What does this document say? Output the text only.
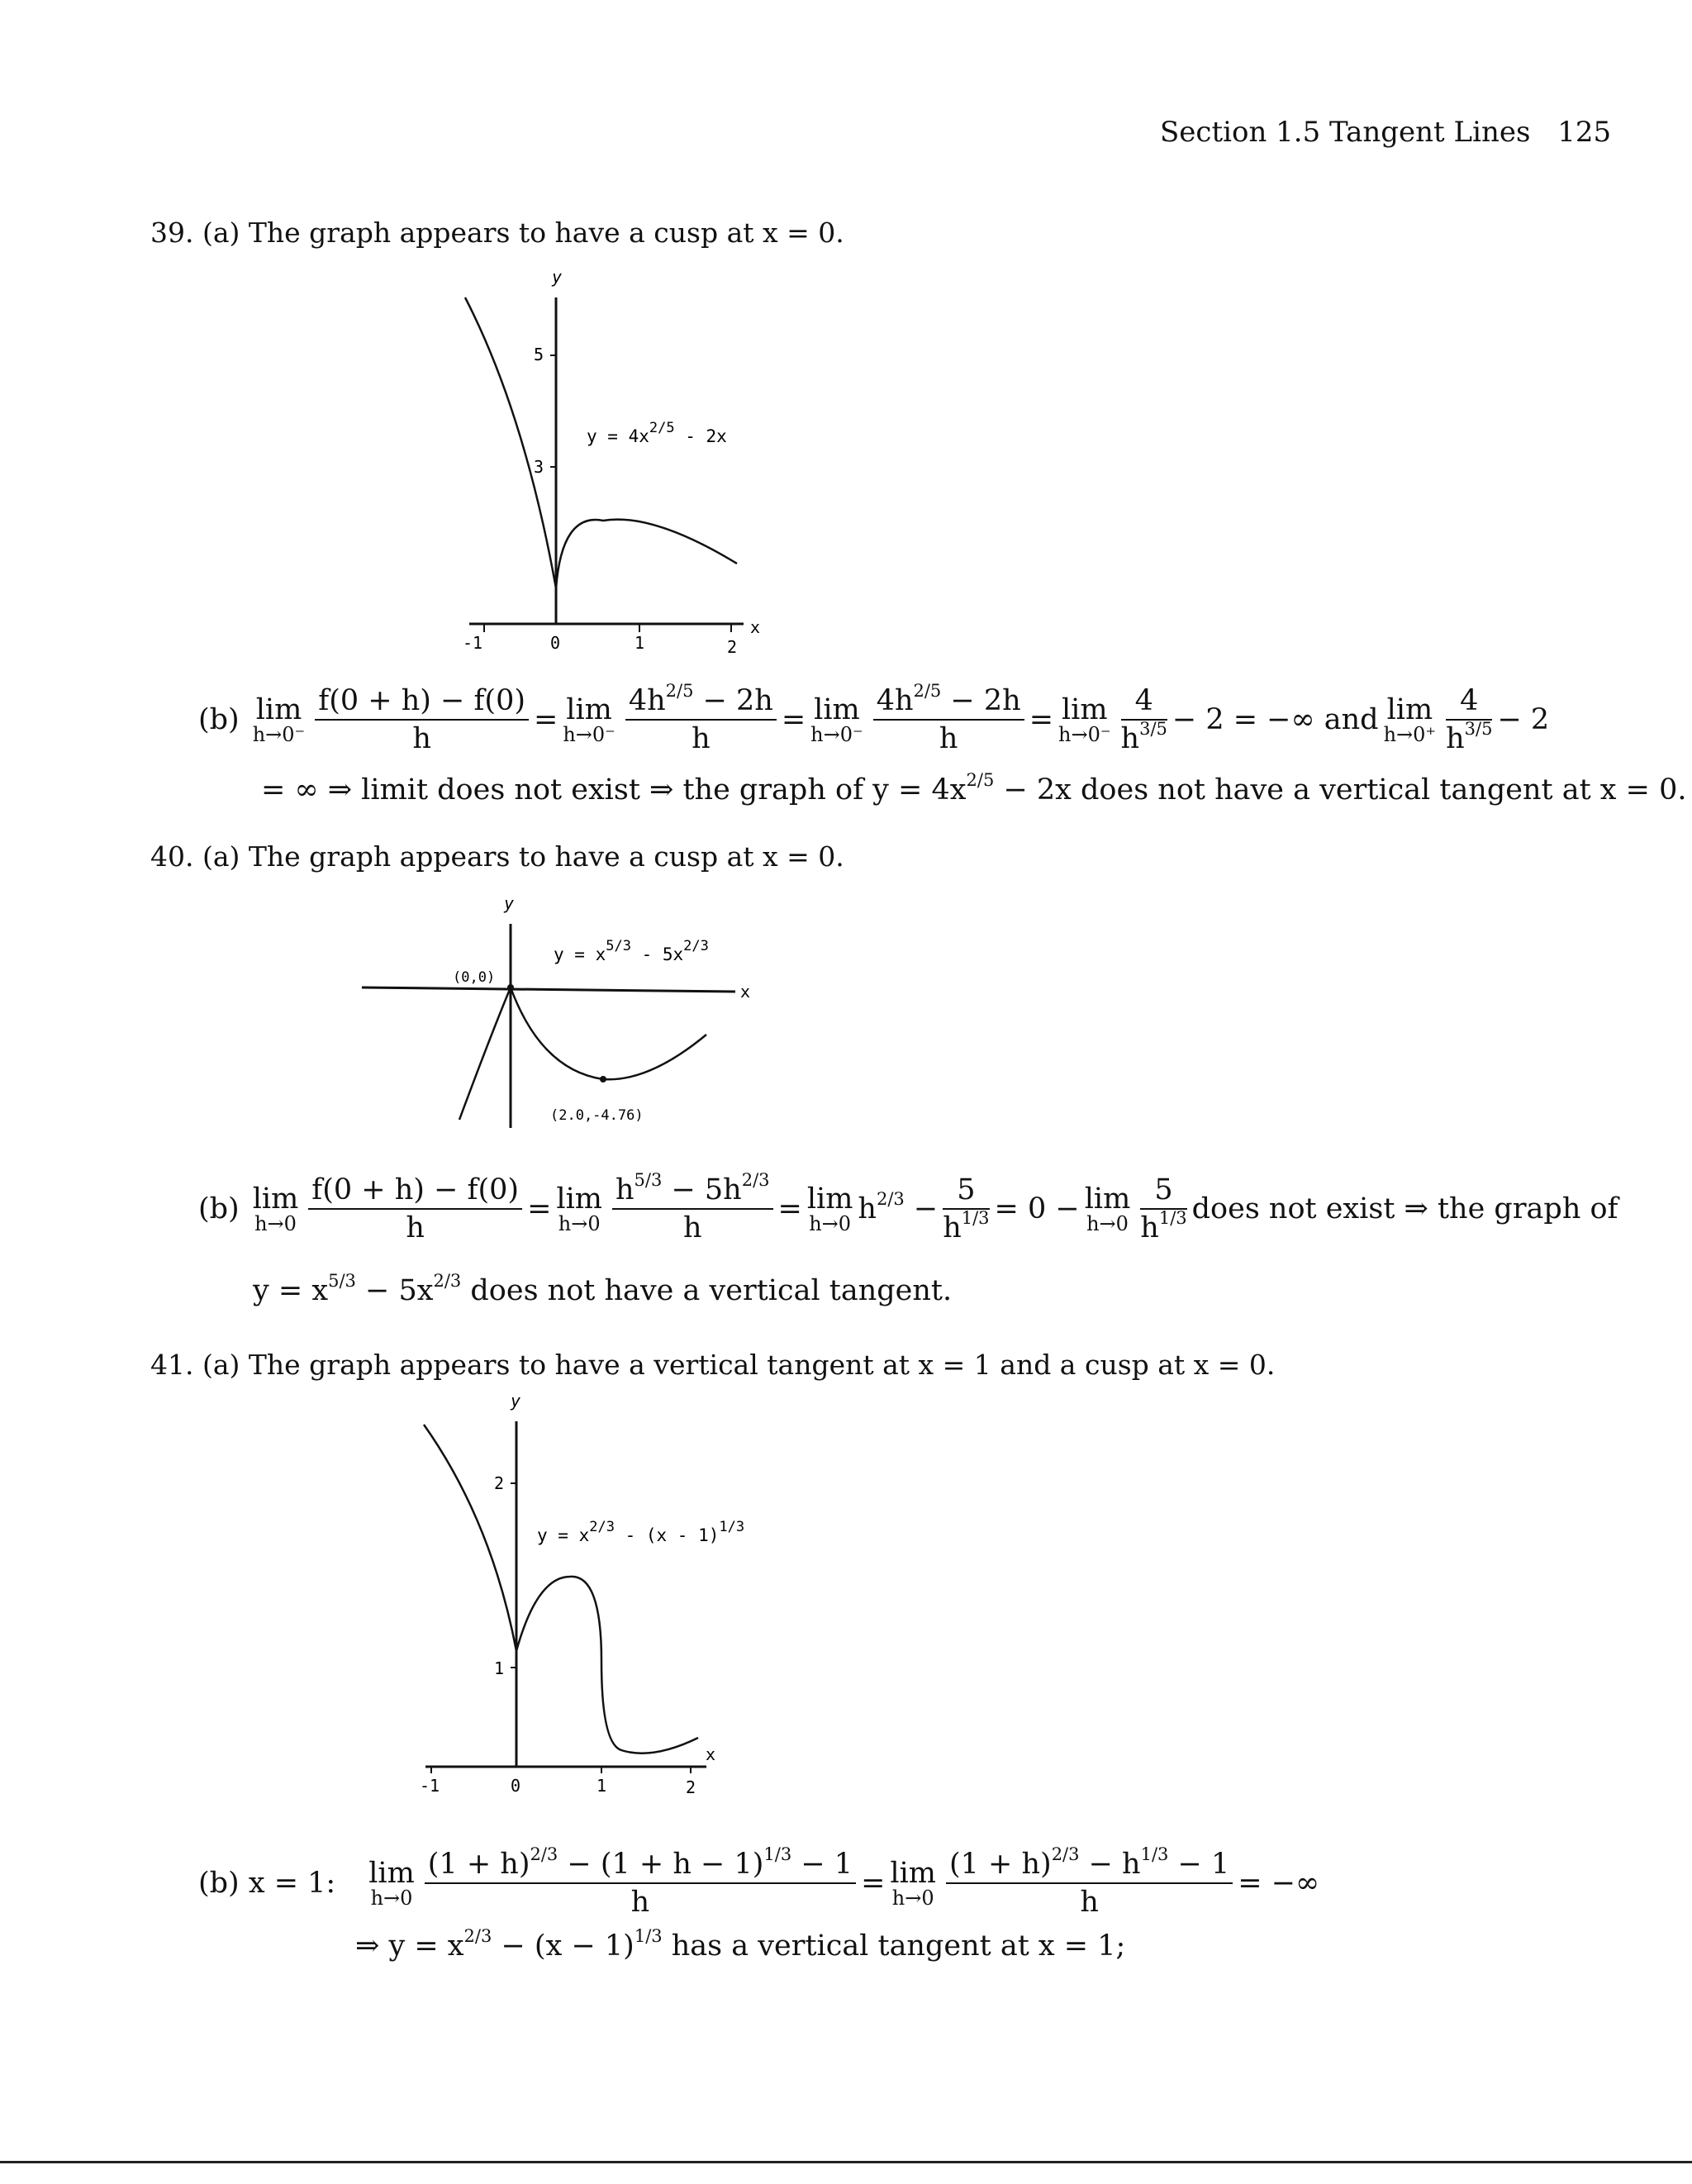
Section 1.5 Tangent Lines 125
39. (a) The graph appears to have a cusp at x = 0.
y
5
3
-1	0	1	2
x
$y = 4x^{2/5} - 2x$
(b) lim
$h\to 0^- \frac{f(0 + h) - f(0)}{h} = \lim$
$h\to 0^- \frac{4h^{2/5} - 2h}{h} = \lim$
$h\to 0^- \frac{4h^{2/5} - 2h}{h} = \lim$
$h\to 0^- \frac{4}{h^{3/5}} - 2$ = −∞ and lim
$h\to 0^+ \frac{4}{h^{3/5}} - 2$
= ∞ ⇒ limit does not exist ⇒ the graph of $y = 4x^{2/5} - 2x$ does not have a vertical tangent at x = 0.
40. (a) The graph appears to have a cusp at x = 0.
y
x
(0,0)
(2.0,-4.76)
$y = x^{5/3} - 5x^{2/3}$
(b) lim
$h\to 0 \frac{f(0 + h) - f(0)}{h} = \lim$
$h\to 0 \frac{h^{5/3} - 5h^{2/3}}{h} = \lim$
h→0 $h^{2/3} - \frac{5}{h^{1/3}} = 0 - \lim$
$h\to 0 \frac{5}{h^{1/3}}$ does not exist ⇒ the graph of
$y = x^{5/3} - 5x^{2/3}$ does not have a vertical tangent.
41. (a) The graph appears to have a vertical tangent at x = 1 and a cusp at x = 0.
y
2
1
-1	0	1	2
x
$y = x^{2/3} - (x - 1)^{1/3}$
(b) x = 1: lim
$h\to 0 \frac{(1 + h)^{2/3} - (1 + h - 1)^{1/3} - 1}{h} = \lim$
$h\to 0 \frac{(1 + h)^{2/3} - h^{1/3} - 1}{h}$ = −∞
⇒ $y = x^{2/3} - (x - 1)^{1/3}$ has a vertical tangent at x = 1;
